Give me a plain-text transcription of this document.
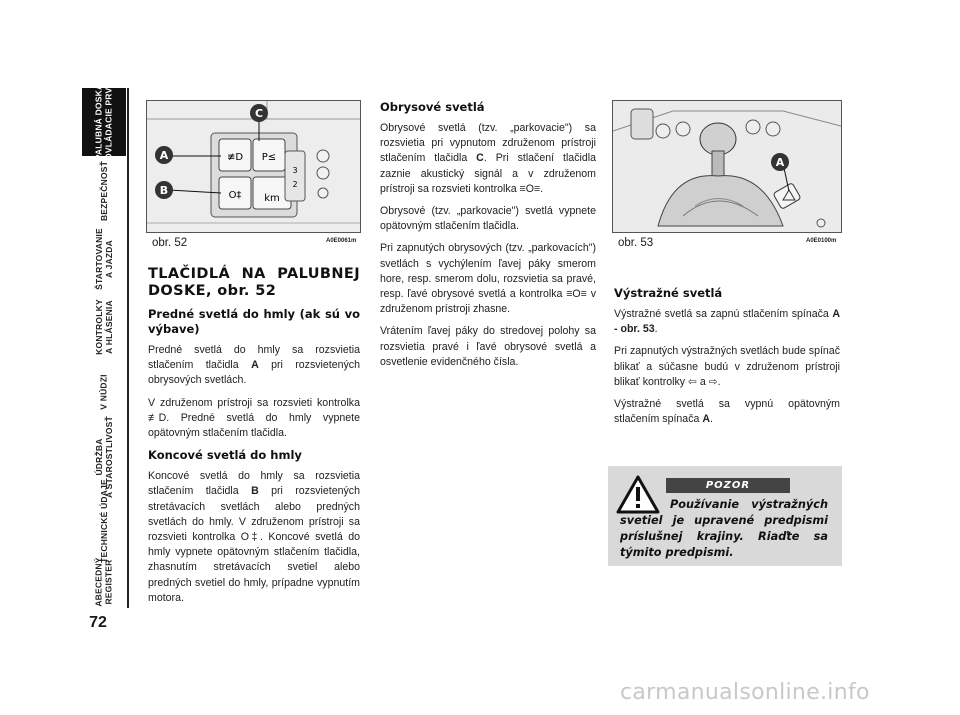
PALUBNÁ DOSKA
A OVLÁDACIE PRVKY
BEZPEČNOSŤ
ŠTARTOVANIE
A JAZDA
KONTROLKY
A HLÁSENIA
V NÚDZI
ÚDRŽBA
A STAROSTLIVOSŤ
TECHNICKÉ ÚDAJE
ABECEDNÝ
REGISTER
72
≢D P≤
O‡ km
3
2
A
B
C
obr. 52	A0E0061m
A
obr. 53	A0E0100m
TLAČIDLÁ NA PALUBNEJ DOSKE, obr. 52
Predné svetlá do hmly (ak sú vo výbave)

Predné svetlá do hmly sa rozsvietia stlačením tlačidla A pri rozsvietených obrysových svetlách.

V združenom prístroji sa rozsvieti kontrolka ≢D. Predné svetlá do hmly vypnete opätovným stlačením tlačidla.

Koncové svetlá do hmly

Koncové svetlá do hmly sa rozsvietia stlačením tlačidla B pri rozsvietených stretávacích svetlách alebo predných svetlách do hmly. V združenom prístroji sa rozsvieti kontrolka O‡. Koncové svetlá do hmly vypnete opätovným stlačením tlačidla, zhasnutím stretávacích svetiel alebo predných svetiel do hmly, prípadne vypnutím motora.

Obrysové svetlá

Obrysové svetlá (tzv. „parkovacie") sa rozsvietia pri vypnutom združenom prístroji stlačením tlačidla C. Pri stlačení tlačidla zaznie akustický signál a v združenom prístroji sa rozsvieti kontrolka ≡O≡.

Obrysové (tzv. „parkovacie") svetlá vypnete opätovným stlačením tlačidla.

Pri zapnutých obrysových (tzv. „parkovacích") svetlách s vychýlením ľavej páky smerom hore, resp. smerom dolu, rozsvietia sa pravé, resp. ľavé obrysové svetlá a kontrolka ≡O≡ v združenom prístroji zhasne.

Vrátením ľavej páky do stredovej polohy sa rozsvietia pravé i ľavé obrysové svetlá a osvetlenie evidenčného čísla.

Výstražné svetlá

Výstražné svetlá sa zapnú stlačením spínača A - obr. 53.

Pri zapnutých výstražných svetlách bude spínač blikať a súčasne budú v združenom prístroji blikať kontrolky ⇦ a ⇨.

Výstražné svetlá sa vypnú opätovným stlačením spínača A.

POZOR
Používanie výstražných svetiel je upravené predpismi príslušnej krajiny. Riaďte sa týmito predpismi.
carmanualsonline.info
